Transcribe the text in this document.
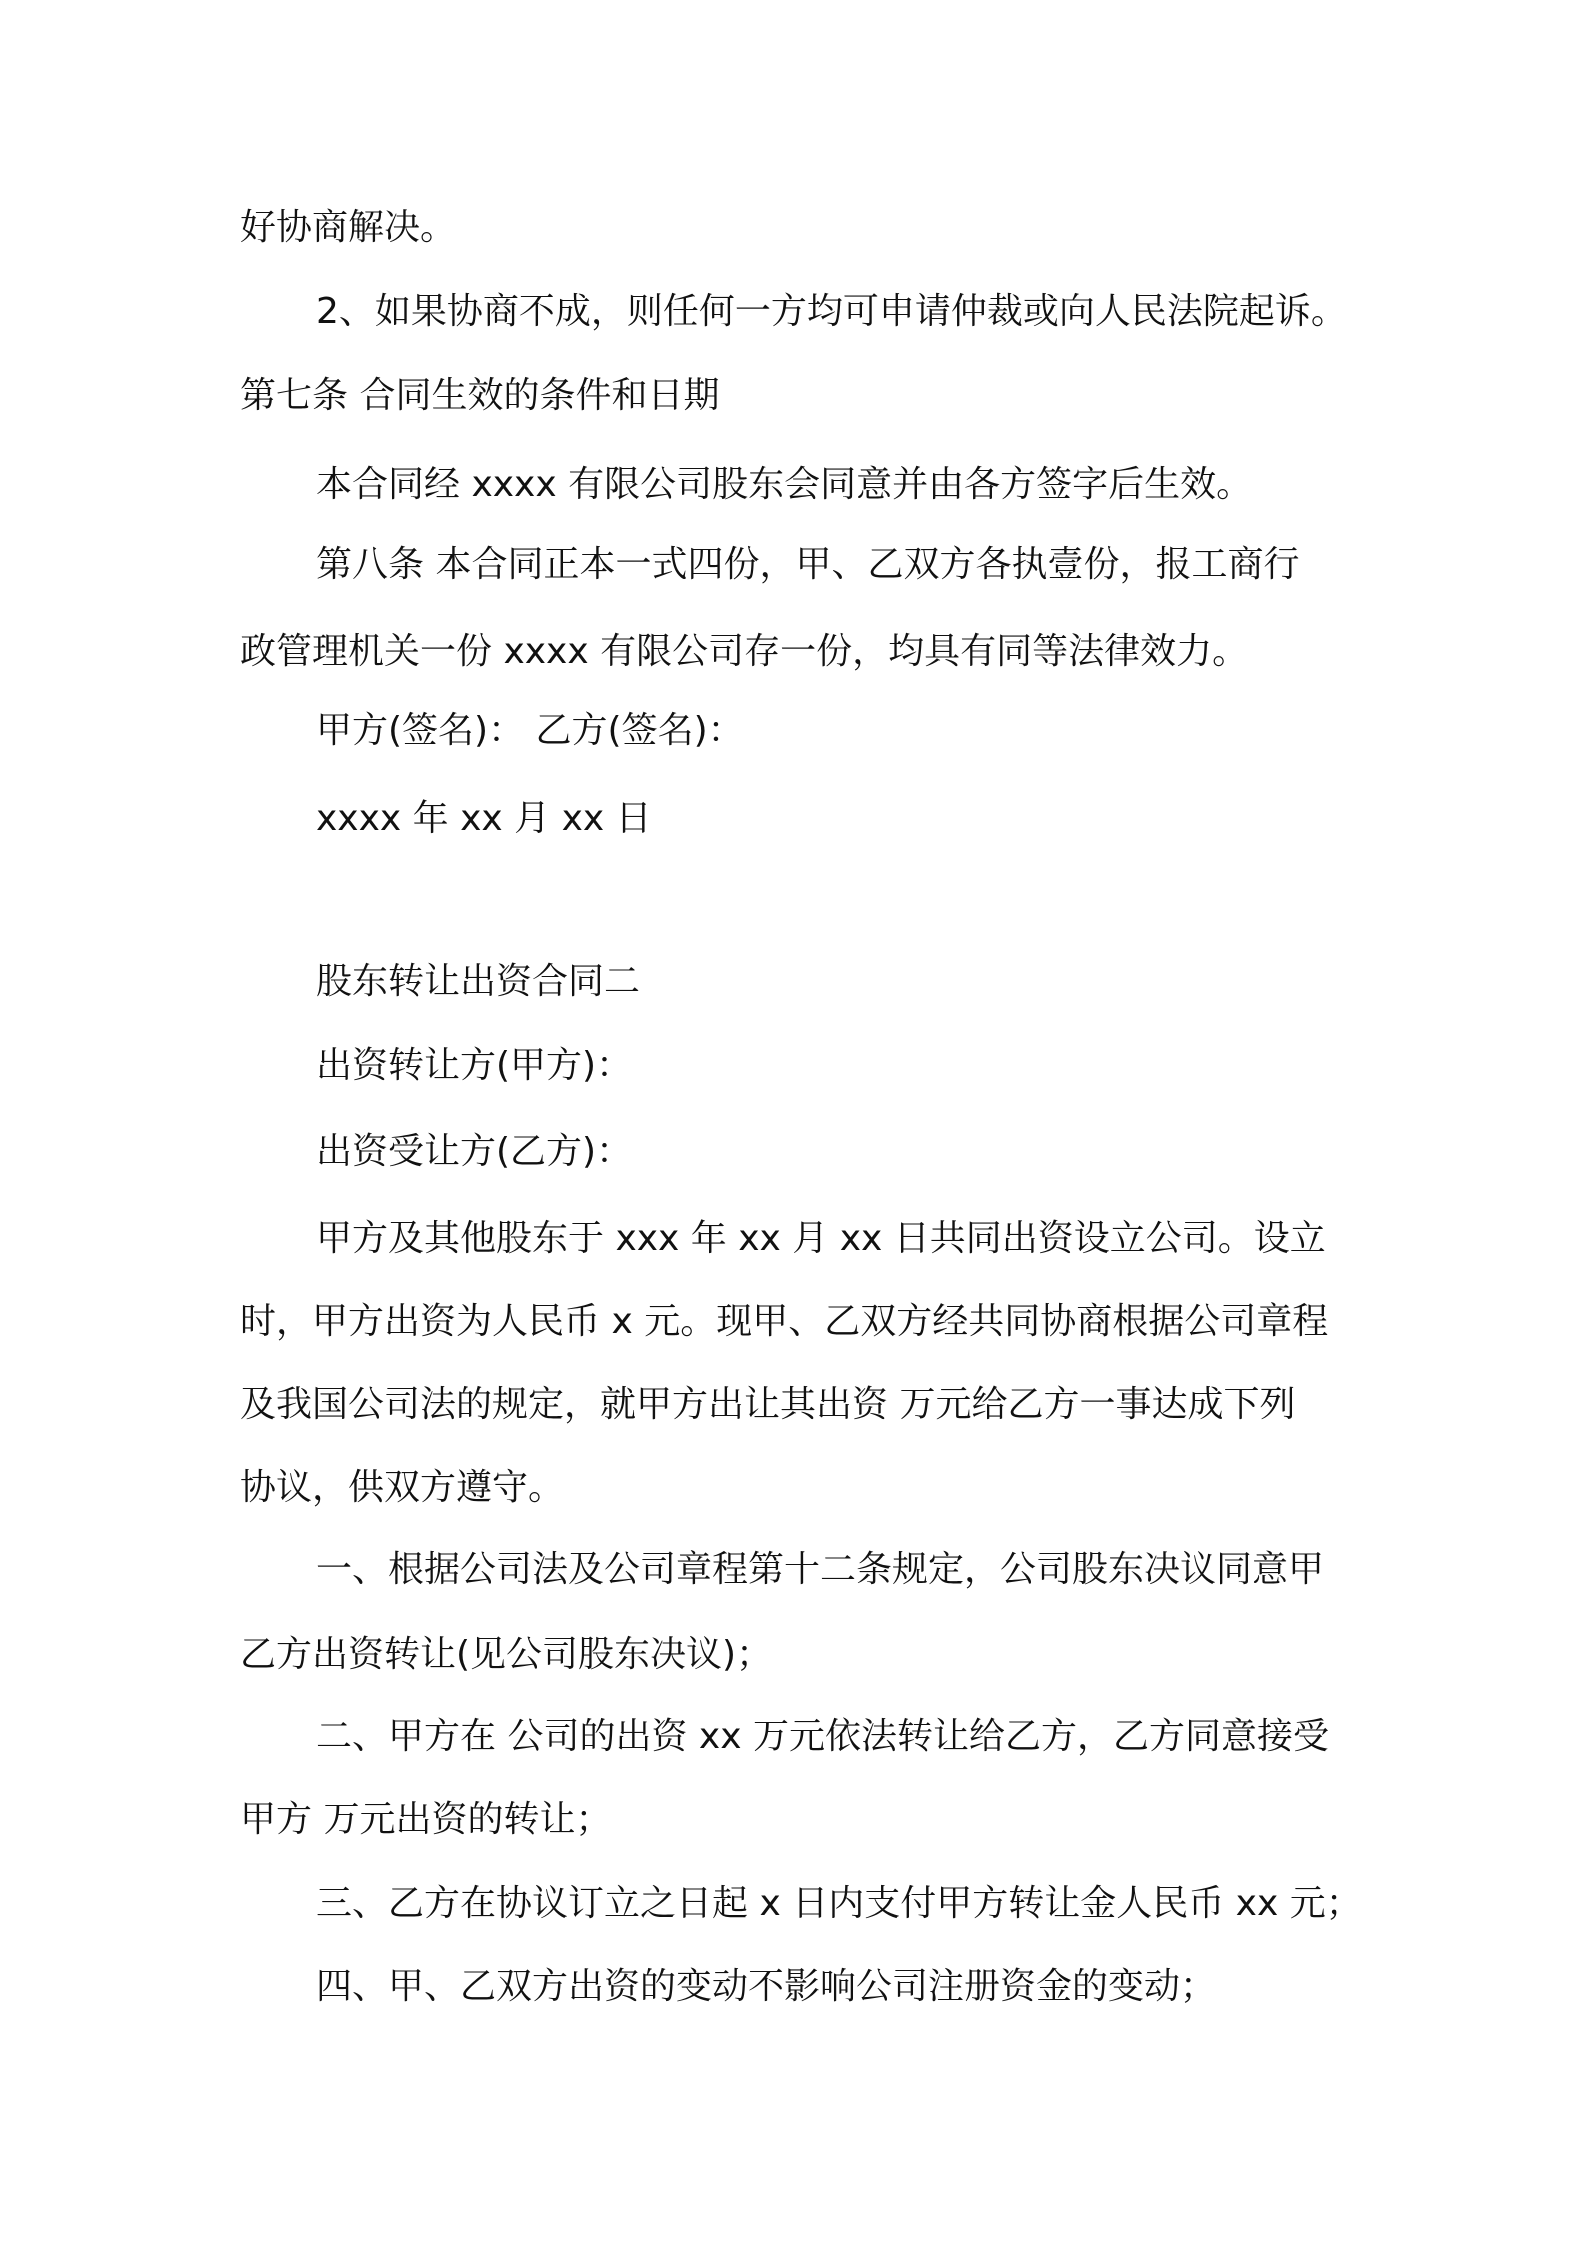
好协商解决。

2、如果协商不成，则任何一方均可申请仲裁或向人民法院起诉。

第七条 合同生效的条件和日期

本合同经 xxxx 有限公司股东会同意并由各方签字后生效。

第八条 本合同正本一式四份，甲、乙双方各执壹份，报工商行

政管理机关一份 xxxx 有限公司存一份，均具有同等法律效力。

甲方(签名)： 乙方(签名)：

xxxx 年 xx 月 xx 日

股东转让出资合同二

出资转让方(甲方)：

出资受让方(乙方)：

甲方及其他股东于 xxx 年 xx 月 xx 日共同出资设立公司。设立

时，甲方出资为人民币 x 元。现甲、乙双方经共同协商根据公司章程

及我国公司法的规定，就甲方出让其出资 万元给乙方一事达成下列

协议，供双方遵守。

一、根据公司法及公司章程第十二条规定，公司股东决议同意甲

乙方出资转让(见公司股东决议)；

二、甲方在 公司的出资 xx 万元依法转让给乙方，乙方同意接受

甲方 万元出资的转让；

三、乙方在协议订立之日起 x 日内支付甲方转让金人民币 xx 元；

四、甲、乙双方出资的变动不影响公司注册资金的变动；
